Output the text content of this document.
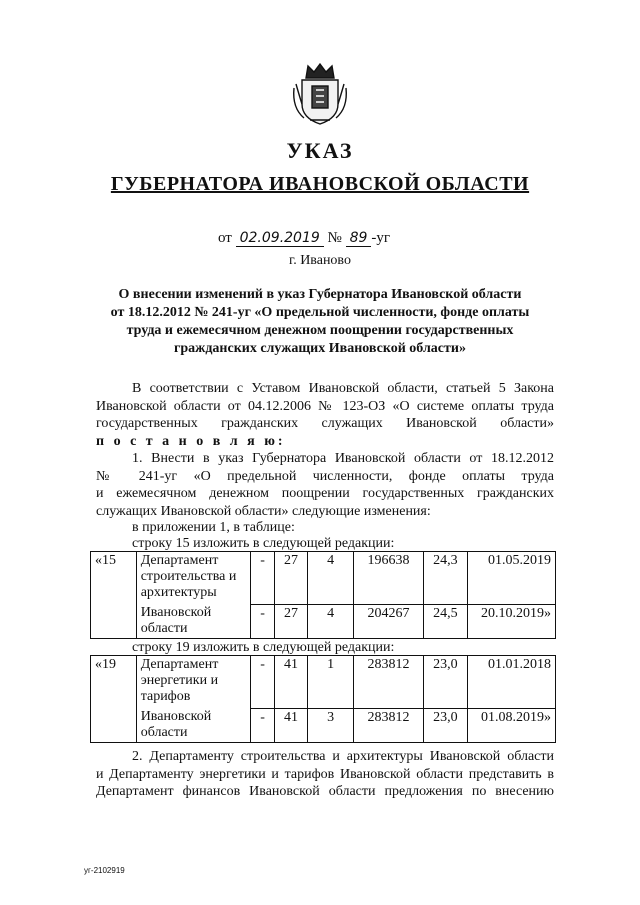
УКАЗ
ГУБЕРНАТОРА ИВАНОВСКОЙ ОБЛАСТИ
от 02.09.2019 № 89 -уг
г. Иваново
О внесении изменений в указ Губернатора Ивановской области
от 18.12.2012 № 241-уг «О предельной численности, фонде оплаты
труда и ежемесячном денежном поощрении государственных
гражданских служащих Ивановской области»
В соответствии с Уставом Ивановской области, статьей 5 Закона
Ивановской области от 04.12.2006 № 123-ОЗ «О системе оплаты труда
государственных гражданских служащих Ивановской области»
п о с т а н о в л я ю:
1. Внести в указ Губернатора Ивановской области от 18.12.2012
№ 241-уг «О предельной численности, фонде оплаты труда
и ежемесячном денежном поощрении государственных гражданских
служащих Ивановской области» следующие изменения:
в приложении 1, в таблице:
строку 15 изложить в следующей редакции:
«15	Департамент
строительства и
архитектуры	-	27	4	196638	24,3	01.05.2019

	Ивановской
области	-	27	4	204267	24,5	20.10.2019»
строку 19 изложить в следующей редакции:
«19	Департамент
энергетики и
тарифов	-	41	1	283812	23,0	01.01.2018

	Ивановской
области	-	41	3	283812	23,0	01.08.2019»
2. Департаменту строительства и архитектуры Ивановской области
и Департаменту энергетики и тарифов Ивановской области представить в
Департамент финансов Ивановской области предложения по внесению
уг-2102919
